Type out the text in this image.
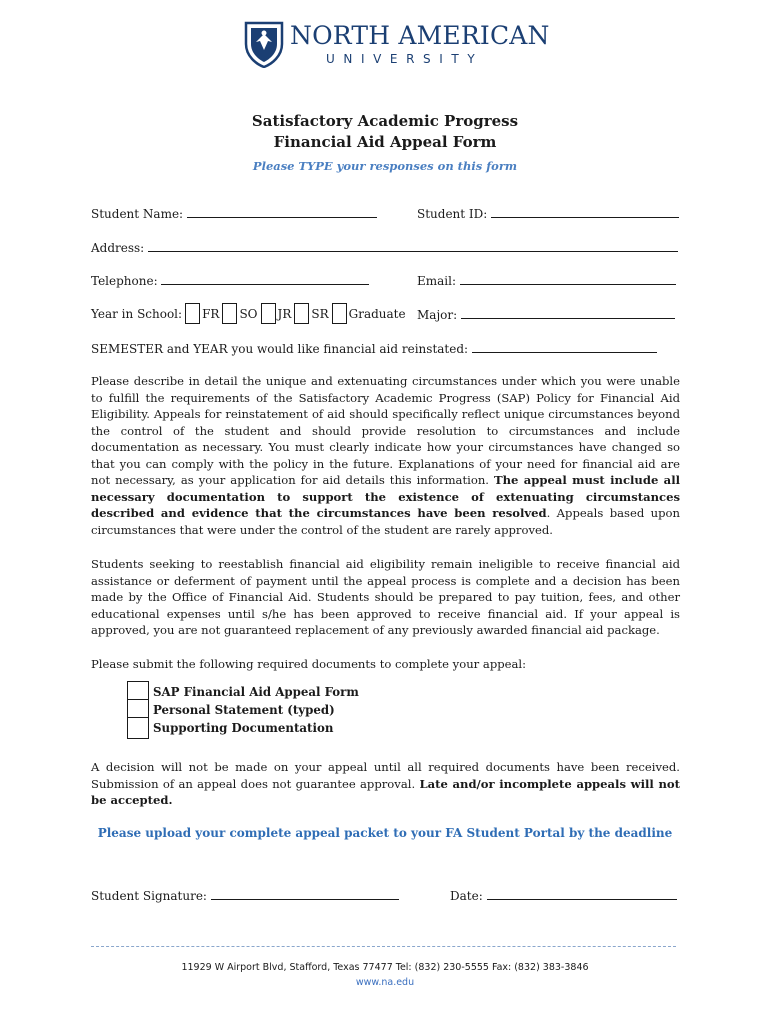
NORTH AMERICAN
UNIVERSITY
Satisfactory Academic Progress
Financial Aid Appeal Form
Please TYPE your responses on this form
Student Name:	Student ID:
Address:
Telephone:	Email:
Year in School: FR SO JR SR Graduate Major:
SEMESTER and YEAR you would like financial aid reinstated:
Please describe in detail the unique and extenuating circumstances under which you were unable to fulfill the requirements of the Satisfactory Academic Progress (SAP) Policy for Financial Aid Eligibility. Appeals for reinstatement of aid should specifically reflect unique circumstances beyond the control of the student and should provide resolution to circumstances and include documentation as necessary. You must clearly indicate how your circumstances have changed so that you can comply with the policy in the future. Explanations of your need for financial aid are not necessary, as your application for aid details this information. The appeal must include all necessary documentation to support the existence of extenuating circumstances described and evidence that the circumstances have been resolved. Appeals based upon circumstances that were under the control of the student are rarely approved.
Students seeking to reestablish financial aid eligibility remain ineligible to receive financial aid assistance or deferment of payment until the appeal process is complete and a decision has been made by the Office of Financial Aid. Students should be prepared to pay tuition, fees, and other educational expenses until s/he has been approved to receive financial aid. If your appeal is approved, you are not guaranteed replacement of any previously awarded financial aid package.
Please submit the following required documents to complete your appeal:
SAP Financial Aid Appeal Form
Personal Statement (typed)
Supporting Documentation
A decision will not be made on your appeal until all required documents have been received. Submission of an appeal does not guarantee approval. Late and/or incomplete appeals will not be accepted.
Please upload your complete appeal packet to your FA Student Portal by the deadline
Student Signature:	Date:
11929 W Airport Blvd, Stafford, Texas 77477 Tel: (832) 230-5555 Fax: (832) 383-3846
www.na.edu
